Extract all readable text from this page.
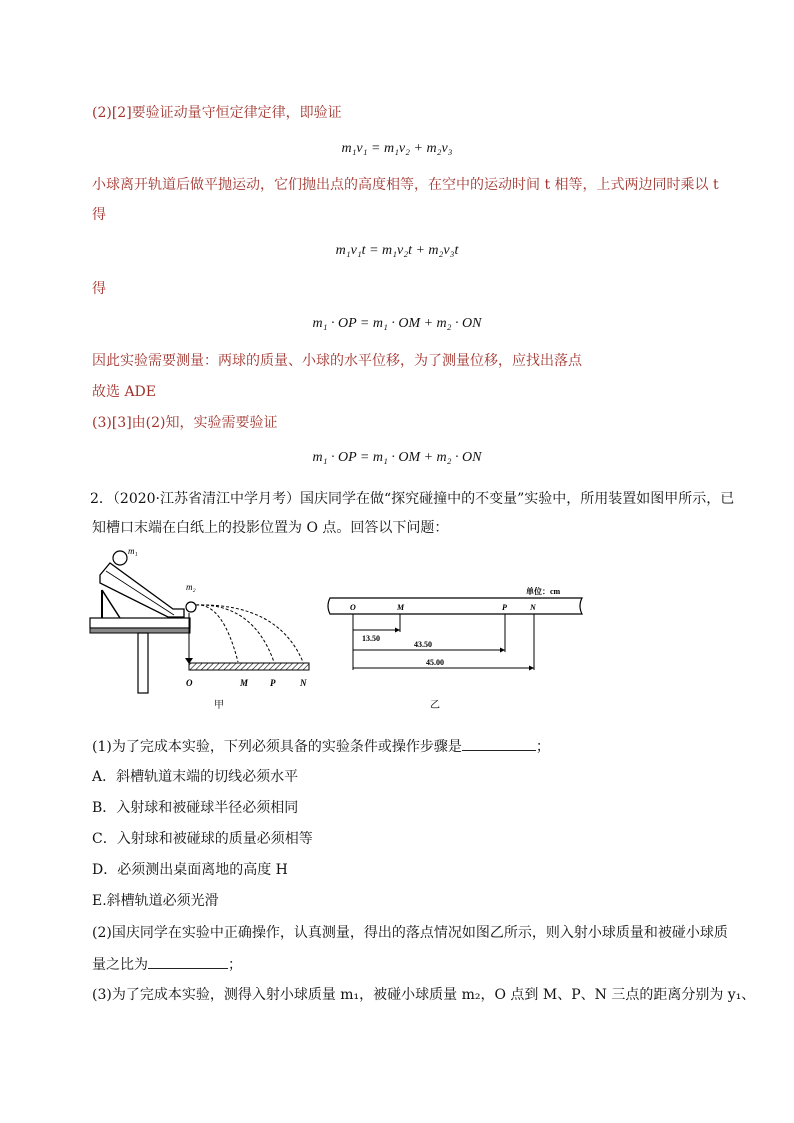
(2)[2]要验证动量守恒定律定律，即验证
m₁v₁ = m₁v₂ + m₂v₃
小球离开轨道后做平抛运动，它们抛出点的高度相等，在空中的运动时间 t 相等，上式两边同时乘以 t
得
m₁v₁t = m₁v₂t + m₂v₃t
得
m₁ · OP = m₁ · OM + m₂ · ON
因此实验需要测量：两球的质量、小球的水平位移，为了测量位移，应找出落点
故选 ADE
(3)[3]由(2)知，实验需要验证
m₁ · OP = m₁ · OM + m₂ · ON
2．（2020·江苏省清江中学月考）国庆同学在做“探究碰撞中的不变量”实验中，所用装置如图甲所示，已
知槽口末端在白纸上的投影位置为 O 点。回答以下问题：
m₁
m₂
O	M P	N
甲
单位：cm
O	M	P	N
13.50
43.50
45.00
乙
(1)为了完成本实验，下列必须具备的实验条件或操作步骤是	；
A．斜槽轨道末端的切线必须水平
B．入射球和被碰球半径必须相同
C．入射球和被碰球的质量必须相等
D．必须测出桌面离地的高度 H
E.斜槽轨道必须光滑
(2)国庆同学在实验中正确操作，认真测量，得出的落点情况如图乙所示，则入射小球质量和被碰小球质
量之比为	；
(3)为了完成本实验，测得入射小球质量 m₁，被碰小球质量 m₂，O 点到 M、P、N 三点的距离分别为 y₁、
